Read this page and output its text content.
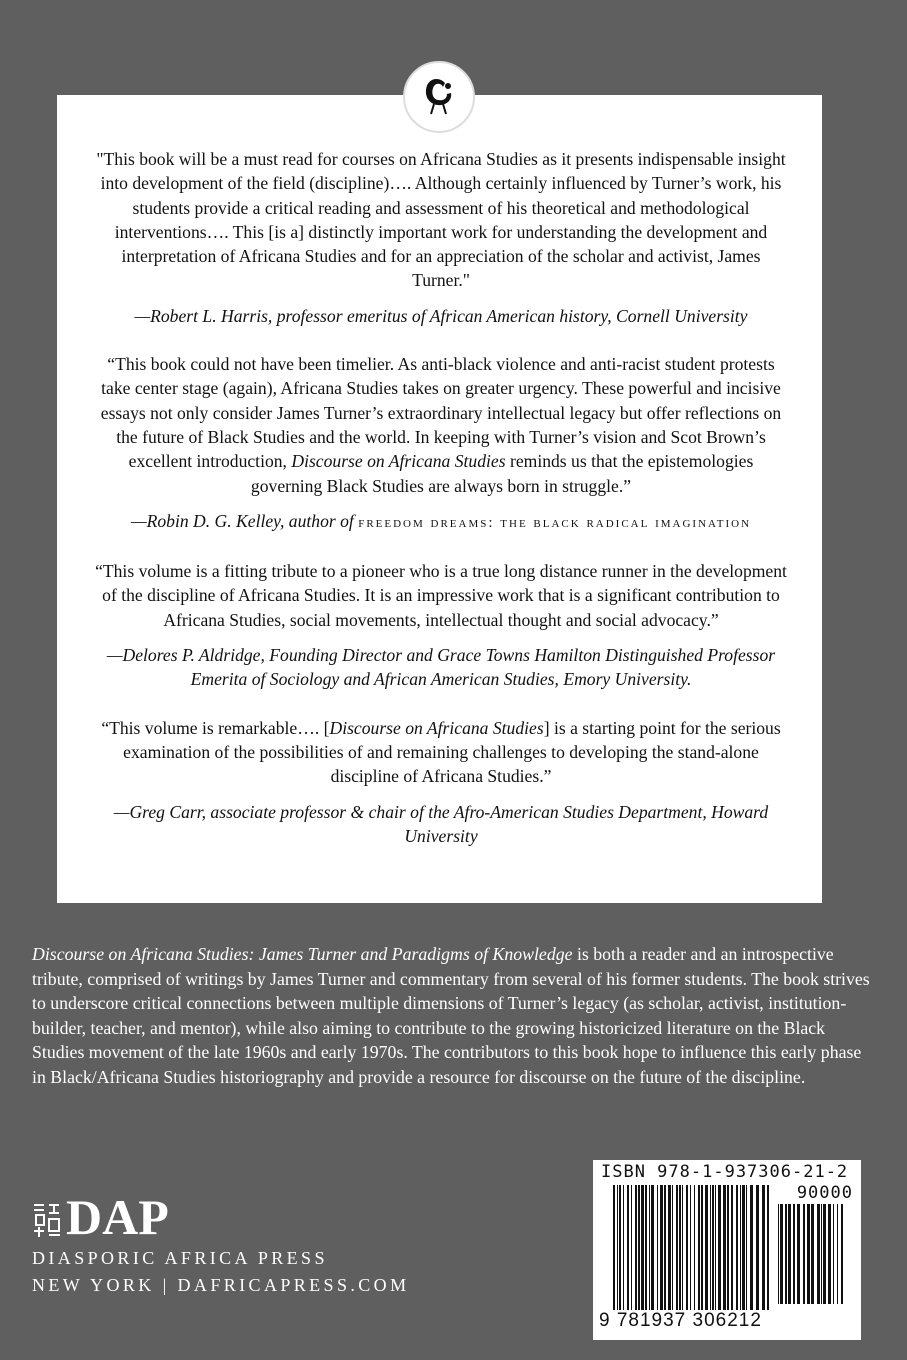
"This book will be a must read for courses on Africana Studies as it presents indispensable insight into development of the field (discipline)…. Although certainly influenced by Turner’s work, his students provide a critical reading and assessment of his theoretical and methodological interventions…. This [is a] distinctly important work for understanding the development and interpretation of Africana Studies and for an appreciation of the scholar and activist, James Turner."

—Robert L. Harris, professor emeritus of African American history, Cornell University

“This book could not have been timelier. As anti-black violence and anti-racist student protests take center stage (again), Africana Studies takes on greater urgency. These powerful and incisive essays not only consider James Turner’s extraordinary intellectual legacy but offer reflections on the future of Black Studies and the world. In keeping with Turner’s vision and Scot Brown’s excellent introduction, Discourse on Africana Studies reminds us that the epistemologies governing Black Studies are always born in struggle.”

—Robin D. G. Kelley, author of freedom dreams: the black radical imagination

“This volume is a fitting tribute to a pioneer who is a true long distance runner in the development of the discipline of Africana Studies. It is an impressive work that is a significant contribution to Africana Studies, social movements, intellectual thought and social advocacy.”

—Delores P. Aldridge, Founding Director and Grace Towns Hamilton Distinguished Professor Emerita of Sociology and African American Studies, Emory University.

“This volume is remarkable…. [Discourse on Africana Studies] is a starting point for the serious examination of the possibilities of and remaining challenges to developing the stand-alone discipline of Africana Studies.”

—Greg Carr, associate professor & chair of the Afro-American Studies Department, Howard University

Discourse on Africana Studies: James Turner and Paradigms of Knowledge is both a reader and an introspective tribute, comprised of writings by James Turner and commentary from several of his former students. The book strives to underscore critical connections between multiple dimensions of Turner’s legacy (as scholar, activist, institution-builder, teacher, and mentor), while also aiming to contribute to the growing historicized literature on the Black Studies movement of the late 1960s and early 1970s. The contributors to this book hope to influence this early phase in Black/Africana Studies historiography and provide a resource for discourse on the future of the discipline.

DAP
DIASPORIC AFRICA PRESS
NEW YORK | DAFRICAPRESS.COM
ISBN 978-1-937306-21-2
90000
9 781937 306212
